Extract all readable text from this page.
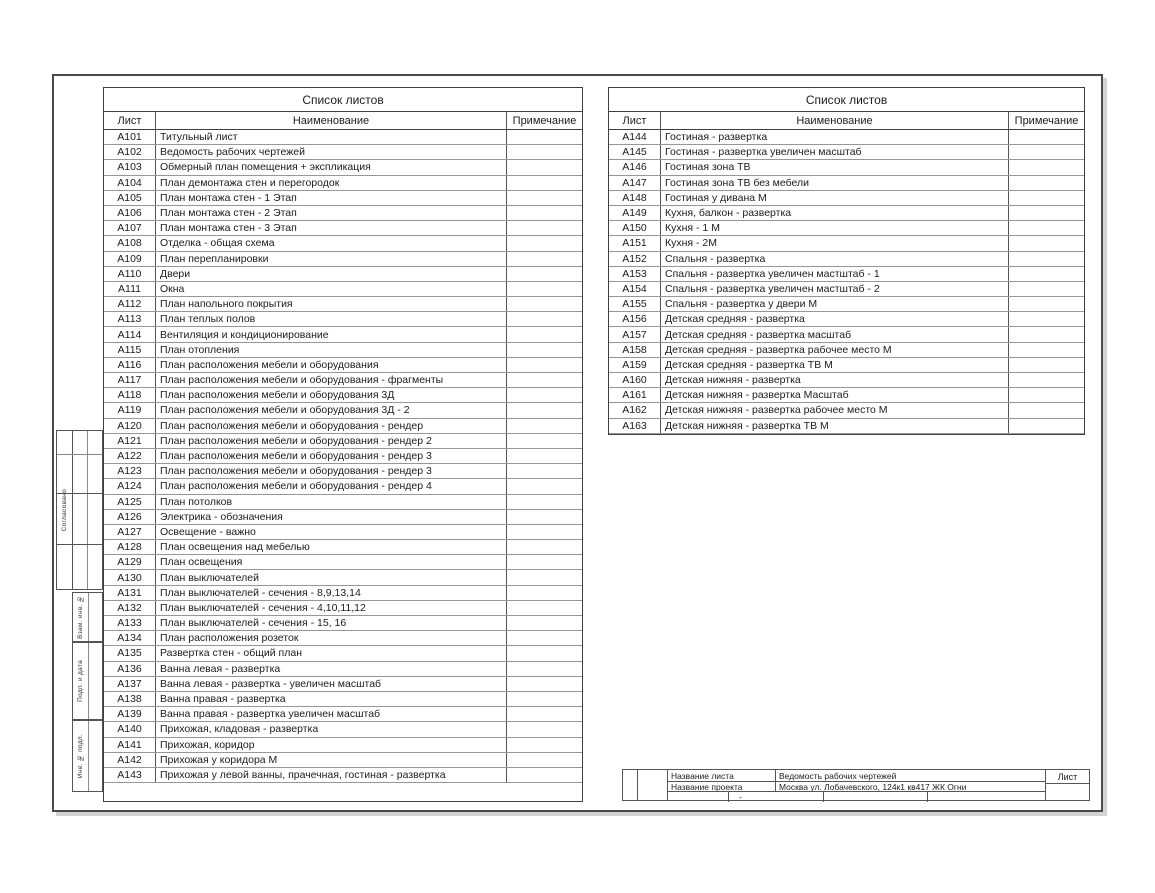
Список листов
Лист	Наименование	Примечание
A101	Титульный лист
A102	Ведомость рабочих чертежей
A103	Обмерный план помещения + экспликация
A104	План демонтажа стен и перегородок
A105	План монтажа стен - 1 Этап
A106	План монтажа стен - 2 Этап
A107	План монтажа стен - 3 Этап
A108	Отделка - общая схема
A109	План перепланировки
A110	Двери
A111	Окна
A112	План напольного покрытия
A113	План теплых полов
A114	Вентиляция и кондиционирование
A115	План отопления
A116	План расположения мебели и оборудования
A117	План расположения мебели и оборудования - фрагменты
A118	План расположения мебели и оборудования 3Д
A119	План расположения мебели и оборудования 3Д - 2
A120	План расположения мебели и оборудования - рендер
A121	План расположения мебели и оборудования - рендер 2
A122	План расположения мебели и оборудования - рендер 3
A123	План расположения мебели и оборудования - рендер 3
A124	План расположения мебели и оборудования - рендер 4
A125	План потолков
A126	Электрика - обозначения
A127	Освещение - важно
A128	План освещения над мебелью
A129	План освещения
A130	План выключателей
A131	План выключателей - сечения - 8,9,13,14
A132	План выключателей - сечения - 4,10,11,12
A133	План выключателей - сечения - 15, 16
A134	План расположения розеток
A135	Развертка стен - общий план
A136	Ванна левая - развертка
A137	Ванна левая - развертка - увеличен масштаб
A138	Ванна правая - развертка
A139	Ванна правая - развертка увеличен масштаб
A140	Прихожая, кладовая - развертка
A141	Прихожая, коридор
A142	Прихожая у коридора М
A143	Прихожая у левой ванны, прачечная, гостиная - развертка
Список листов
Лист	Наименование	Примечание
A144	Гостиная - развертка
A145	Гостиная - развертка увеличен масштаб
A146	Гостиная зона ТВ
A147	Гостиная зона ТВ без мебели
A148	Гостиная у дивана М
A149	Кухня, балкон - развертка
A150	Кухня - 1 М
A151	Кухня - 2М
A152	Спальня - развертка
A153	Спальня - развертка увеличен мастштаб - 1
A154	Спальня - развертка увеличен мастштаб - 2
A155	Спальня - развертка у двери М
A156	Детская средняя - развертка
A157	Детская средняя - развертка масштаб
A158	Детская средняя - развертка рабочее место М
A159	Детская средняя - развертка ТВ М
A160	Детская нижняя - развертка
A161	Детская нижняя - развертка Масштаб
A162	Детская нижняя - развертка рабочее место М
A163	Детская нижняя - развертка ТВ М
Согласовано
Взам. инв. №
Подп. и дата
Инв. № подл.	Название листа	Ведомость рабочих чертежей
Название проекта	Москва ул. Лобачевского, 124к1 кв417 ЖК Огни
-
Лист
